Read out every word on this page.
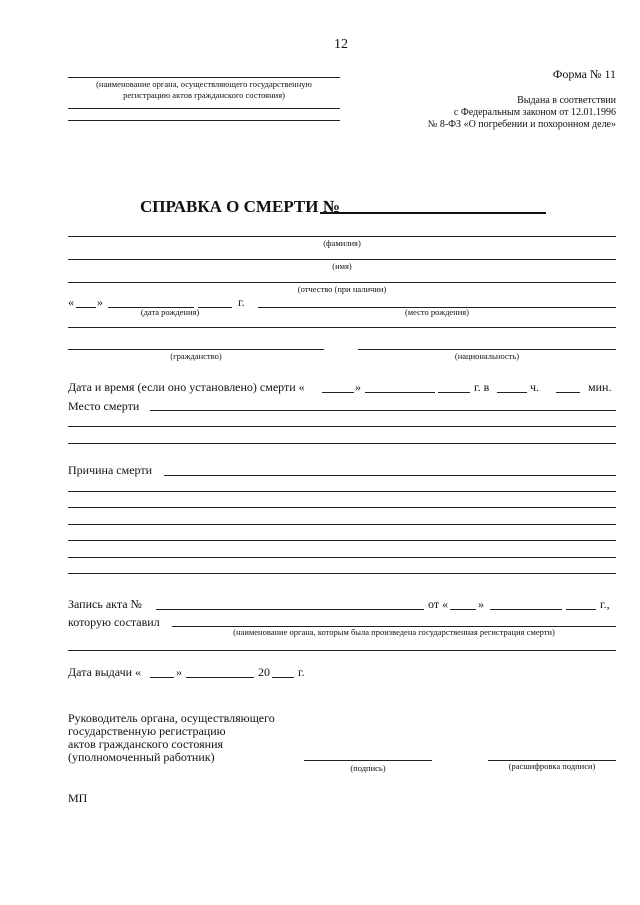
12
(наименование органа, осуществляющего государственную
регистрацию актов гражданского состояния)
Форма № 11
Выдана в соответствии
с Федеральным законом от 12.01.1996
№ 8-ФЗ «О погребении и похоронном деле»
СПРАВКА О СМЕРТИ №
(фамилия)
(имя)
(отчество (при наличии)
« »	г.
(дата рождения)	(место рождения)
(гражданство)	(национальность)
Дата и время (если оно установлено) смерти «	»	г. в	ч.	мин.
Место смерти
Причина смерти
Запись акта №	от « »	г.,
которую составил
(наименование органа, которым была произведена государственная регистрация смерти)
Дата выдачи «	»	20 г.
Руководитель органа, осуществляющего
государственную регистрацию
актов гражданского состояния
(уполномоченный работник)
(подпись)	(расшифровка подписи)
МП
